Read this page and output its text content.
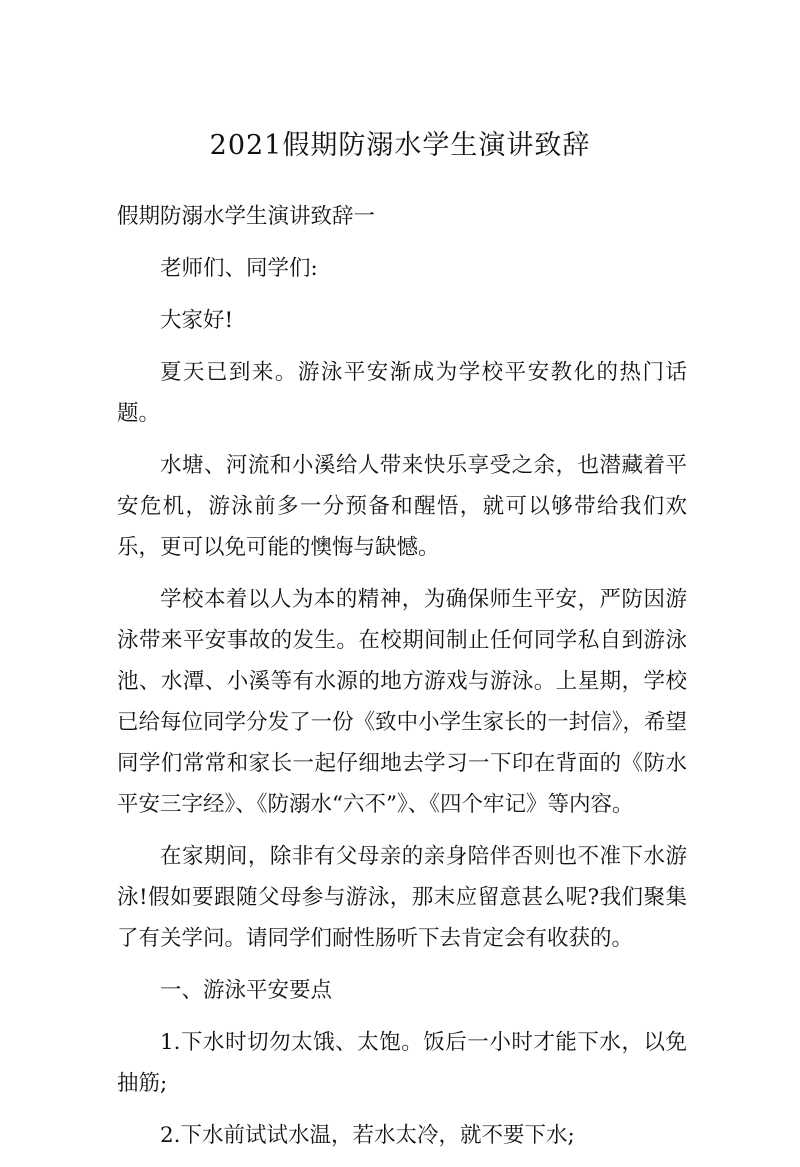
2021假期防溺水学生演讲致辞

假期防溺水学生演讲致辞一

老师们、同学们:

大家好!

夏天已到来。游泳平安渐成为学校平安教化的热门话题。

水塘、河流和小溪给人带来快乐享受之余，也潜藏着平安危机，游泳前多一分预备和醒悟，就可以够带给我们欢乐，更可以免可能的懊悔与缺憾。

学校本着以人为本的精神，为确保师生平安，严防因游泳带来平安事故的发生。在校期间制止任何同学私自到游泳池、水潭、小溪等有水源的地方游戏与游泳。上星期，学校已给每位同学分发了一份《致中小学生家长的一封信》，希望同学们常常和家长一起仔细地去学习一下印在背面的《防水平安三字经》、《防溺水“六不”》、《四个牢记》等内容。

在家期间，除非有父母亲的亲身陪伴否则也不准下水游泳!假如要跟随父母参与游泳，那末应留意甚么呢?我们聚集了有关学问。请同学们耐性肠听下去肯定会有收获的。

一、游泳平安要点

1.下水时切勿太饿、太饱。饭后一小时才能下水，以免抽筋;

2.下水前试试水温，若水太冷，就不要下水;
